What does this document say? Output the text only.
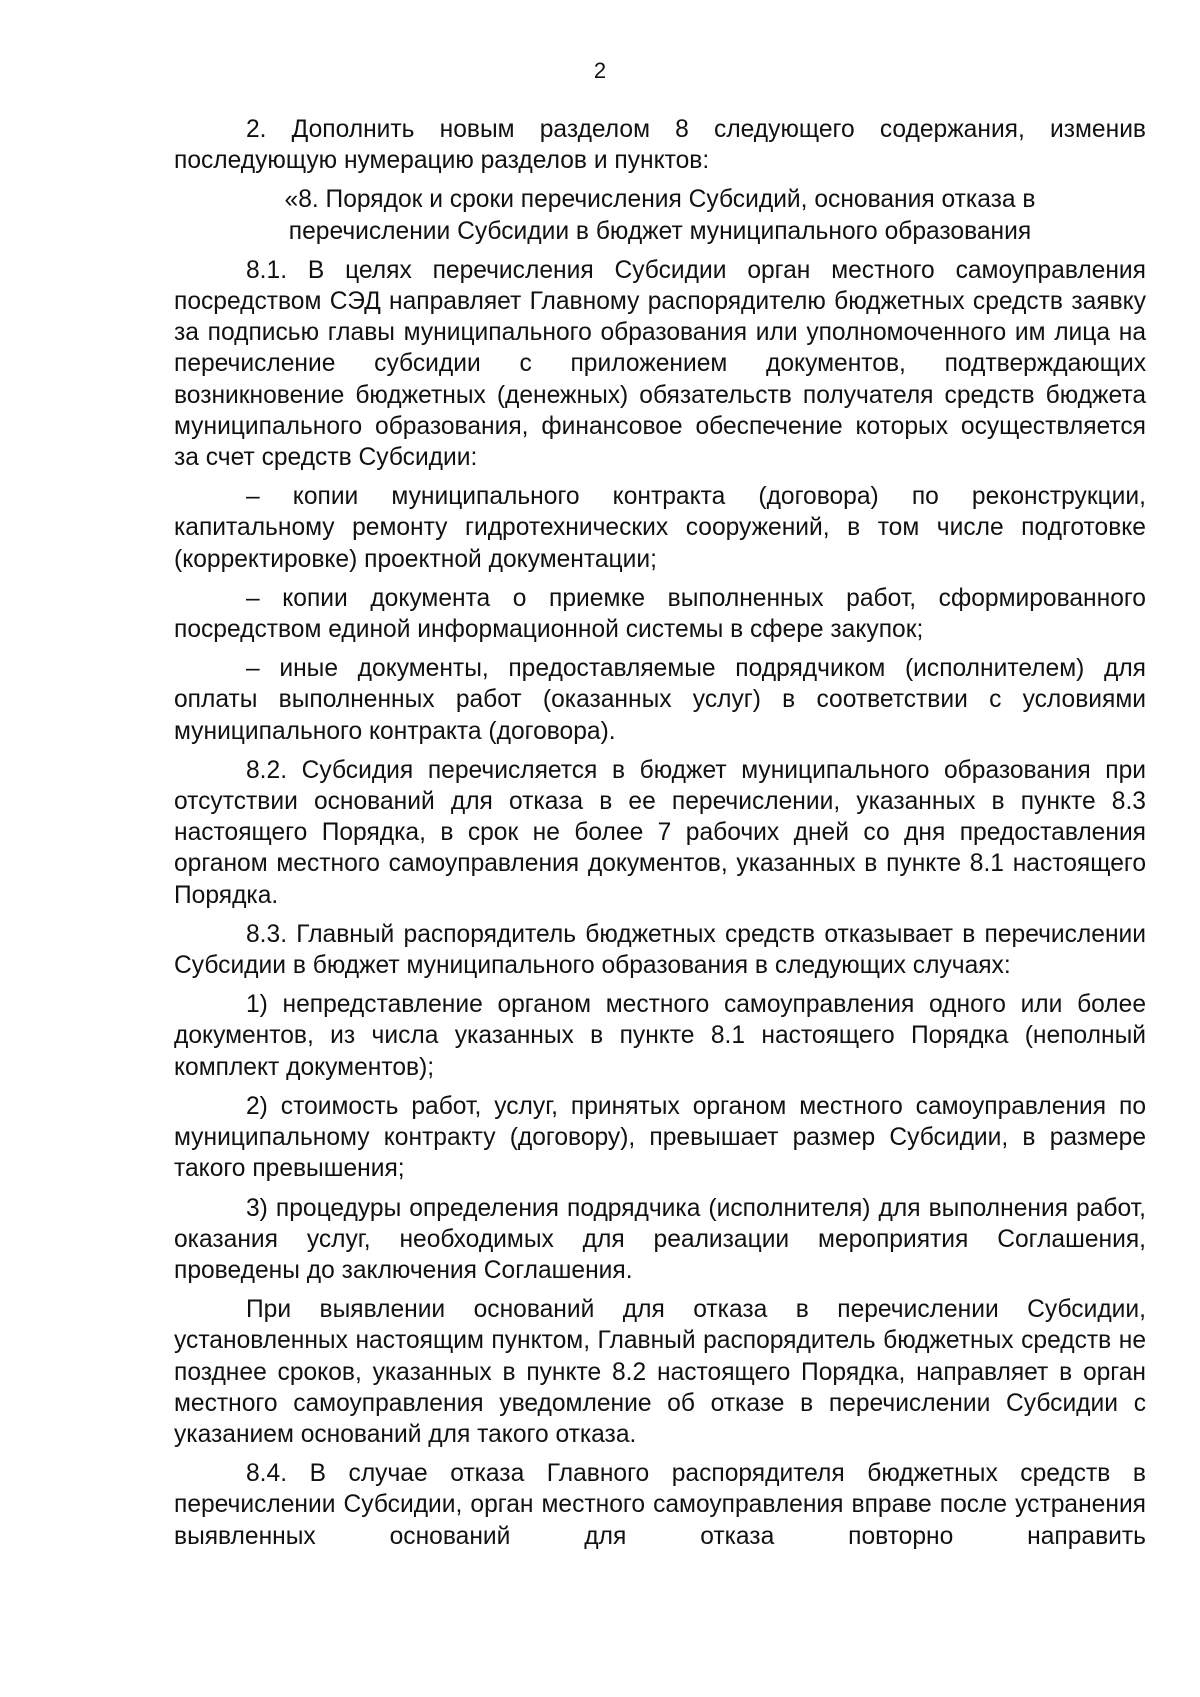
2

2. Дополнить новым разделом 8 следующего содержания, изменив последующую нумерацию разделов и пунктов:

«8. Порядок и сроки перечисления Субсидий, основания отказа в перечислении Субсидии в бюджет муниципального образования

8.1. В целях перечисления Субсидии орган местного самоуправления посредством СЭД направляет Главному распорядителю бюджетных средств заявку за подписью главы муниципального образования или уполномоченного им лица на перечисление субсидии с приложением документов, подтверждающих возникновение бюджетных (денежных) обязательств получателя средств бюджета муниципального образования, финансовое обеспечение которых осуществляется за счет средств Субсидии:

– копии муниципального контракта (договора) по реконструкции, капитальному ремонту гидротехнических сооружений, в том числе подготовке (корректировке) проектной документации;

– копии документа о приемке выполненных работ, сформированного посредством единой информационной системы в сфере закупок;

– иные документы, предоставляемые подрядчиком (исполнителем) для оплаты выполненных работ (оказанных услуг) в соответствии с условиями муниципального контракта (договора).

8.2. Субсидия перечисляется в бюджет муниципального образования при отсутствии оснований для отказа в ее перечислении, указанных в пункте 8.3 настоящего Порядка, в срок не более 7 рабочих дней со дня предоставления органом местного самоуправления документов, указанных в пункте 8.1 настоящего Порядка.

8.3. Главный распорядитель бюджетных средств отказывает в перечислении Субсидии в бюджет муниципального образования в следующих случаях:

1) непредставление органом местного самоуправления одного или более документов, из числа указанных в пункте 8.1 настоящего Порядка (неполный комплект документов);

2) стоимость работ, услуг, принятых органом местного самоуправления по муниципальному контракту (договору), превышает размер Субсидии, в размере такого превышения;

3) процедуры определения подрядчика (исполнителя) для выполнения работ, оказания услуг, необходимых для реализации мероприятия Соглашения, проведены до заключения Соглашения.

При выявлении оснований для отказа в перечислении Субсидии, установленных настоящим пунктом, Главный распорядитель бюджетных средств не позднее сроков, указанных в пункте 8.2 настоящего Порядка, направляет в орган местного самоуправления уведомление об отказе в перечислении Субсидии с указанием оснований для такого отказа.

8.4. В случае отказа Главного распорядителя бюджетных средств в перечислении Субсидии, орган местного самоуправления вправе после устранения выявленных оснований для отказа повторно направить
